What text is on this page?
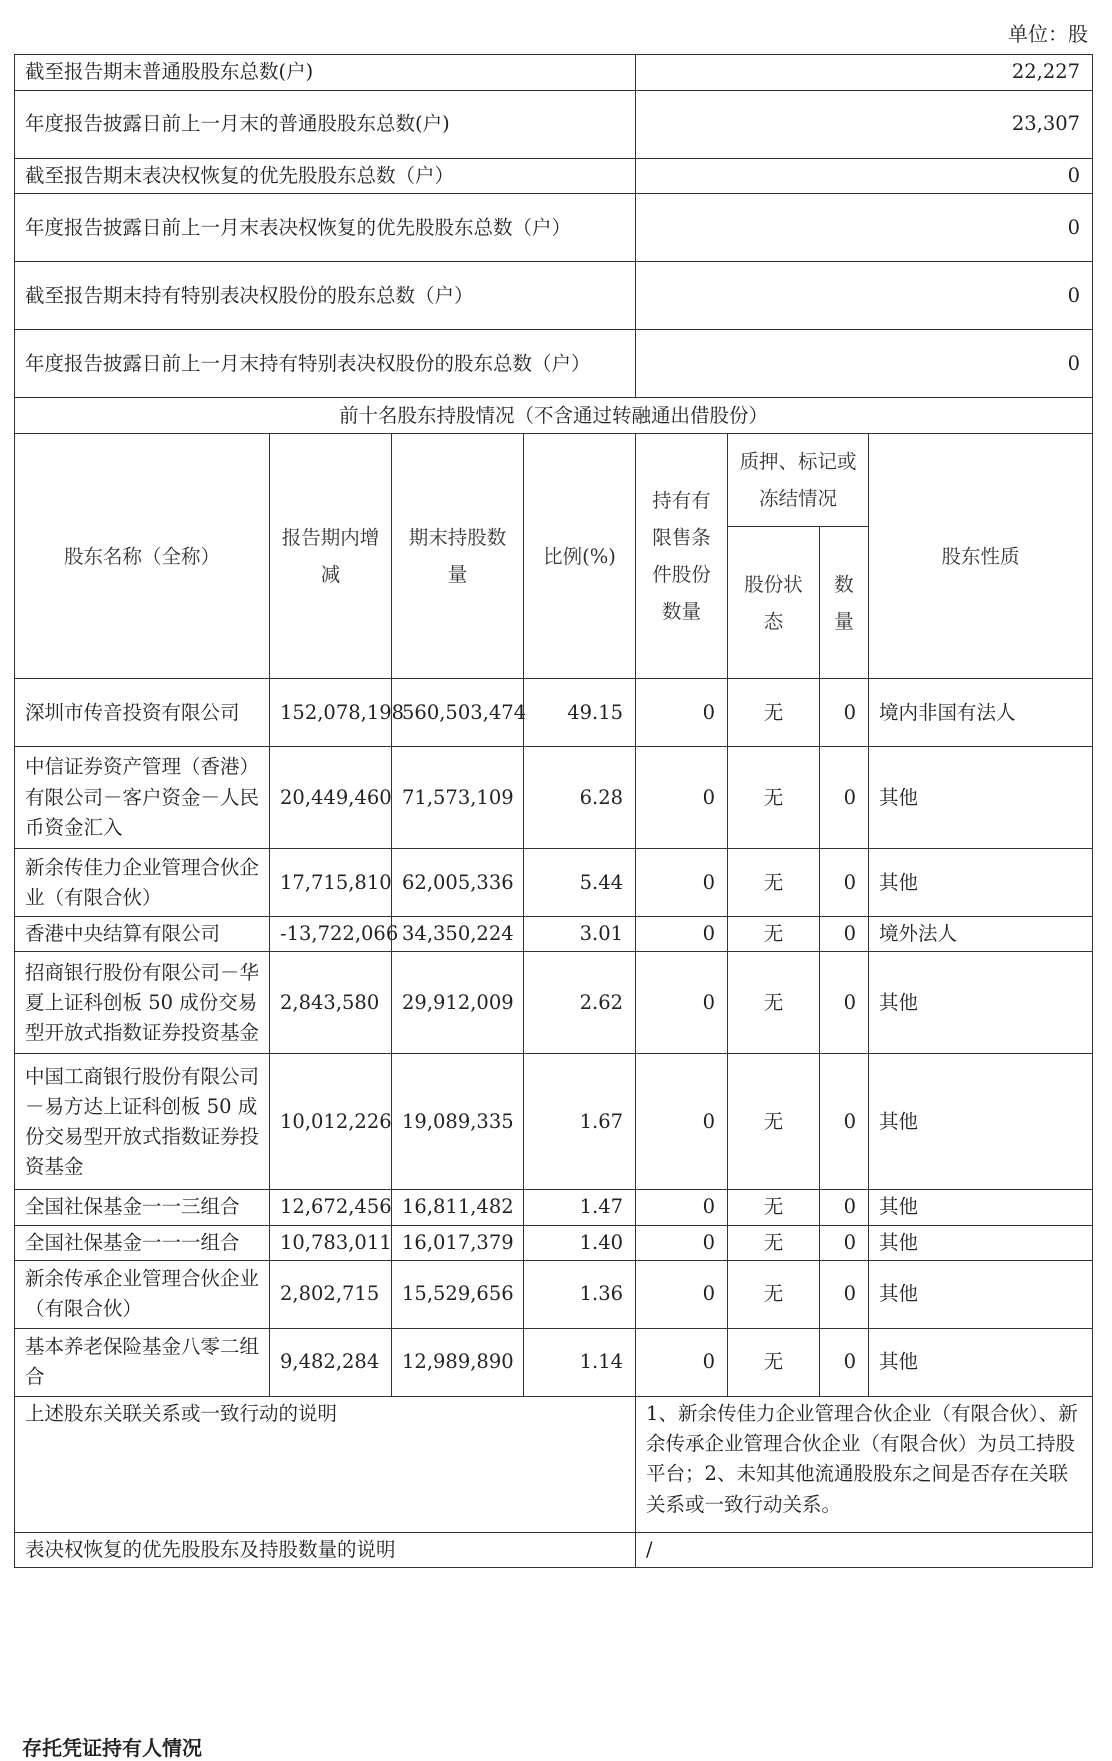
单位：股
截至报告期末普通股股东总数(户)				22,227			
年度报告披露日前上一月末的普通股股东总数(户)				23,307			
截至报告期末表决权恢复的优先股股东总数（户）				0			
年度报告披露日前上一月末表决权恢复的优先股股东总数（户）				0			
截至报告期末持有特别表决权股份的股东总数（户）				0			
年度报告披露日前上一月末持有特别表决权股份的股东总数（户）				0			
前十名股东持股情况（不含通过转融通出借股份）							
股东名称（全称）	报告期内增减	期末持股数量	比例(%)	持有有限售条件股份数量	质押、标记或冻结情况		股东性质
					股份状态	数量	
深圳市传音投资有限公司	152,078,198	560,503,474	49.15	0	无	0	境内非国有法人
中信证券资产管理（香港）有限公司－客户资金－人民币资金汇入	20,449,460	71,573,109	6.28	0	无	0	其他
新余传佳力企业管理合伙企业（有限合伙）	17,715,810	62,005,336	5.44	0	无	0	其他
香港中央结算有限公司	-13,722,066	34,350,224	3.01	0	无	0	境外法人
招商银行股份有限公司－华夏上证科创板 50 成份交易型开放式指数证券投资基金	2,843,580	29,912,009	2.62	0	无	0	其他
中国工商银行股份有限公司－易方达上证科创板 50 成份交易型开放式指数证券投资基金	10,012,226	19,089,335	1.67	0	无	0	其他
全国社保基金一一三组合	12,672,456	16,811,482	1.47	0	无	0	其他
全国社保基金一一一组合	10,783,011	16,017,379	1.40	0	无	0	其他
新余传承企业管理合伙企业（有限合伙）	2,802,715	15,529,656	1.36	0	无	0	其他
基本养老保险基金八零二组合	9,482,284	12,989,890	1.14	0	无	0	其他
上述股东关联关系或一致行动的说明				1、新余传佳力企业管理合伙企业（有限合伙）、新余传承企业管理合伙企业（有限合伙）为员工持股平台；2、未知其他流通股股东之间是否存在关联关系或一致行动关系。			
表决权恢复的优先股股东及持股数量的说明				/			
存托凭证持有人情况
